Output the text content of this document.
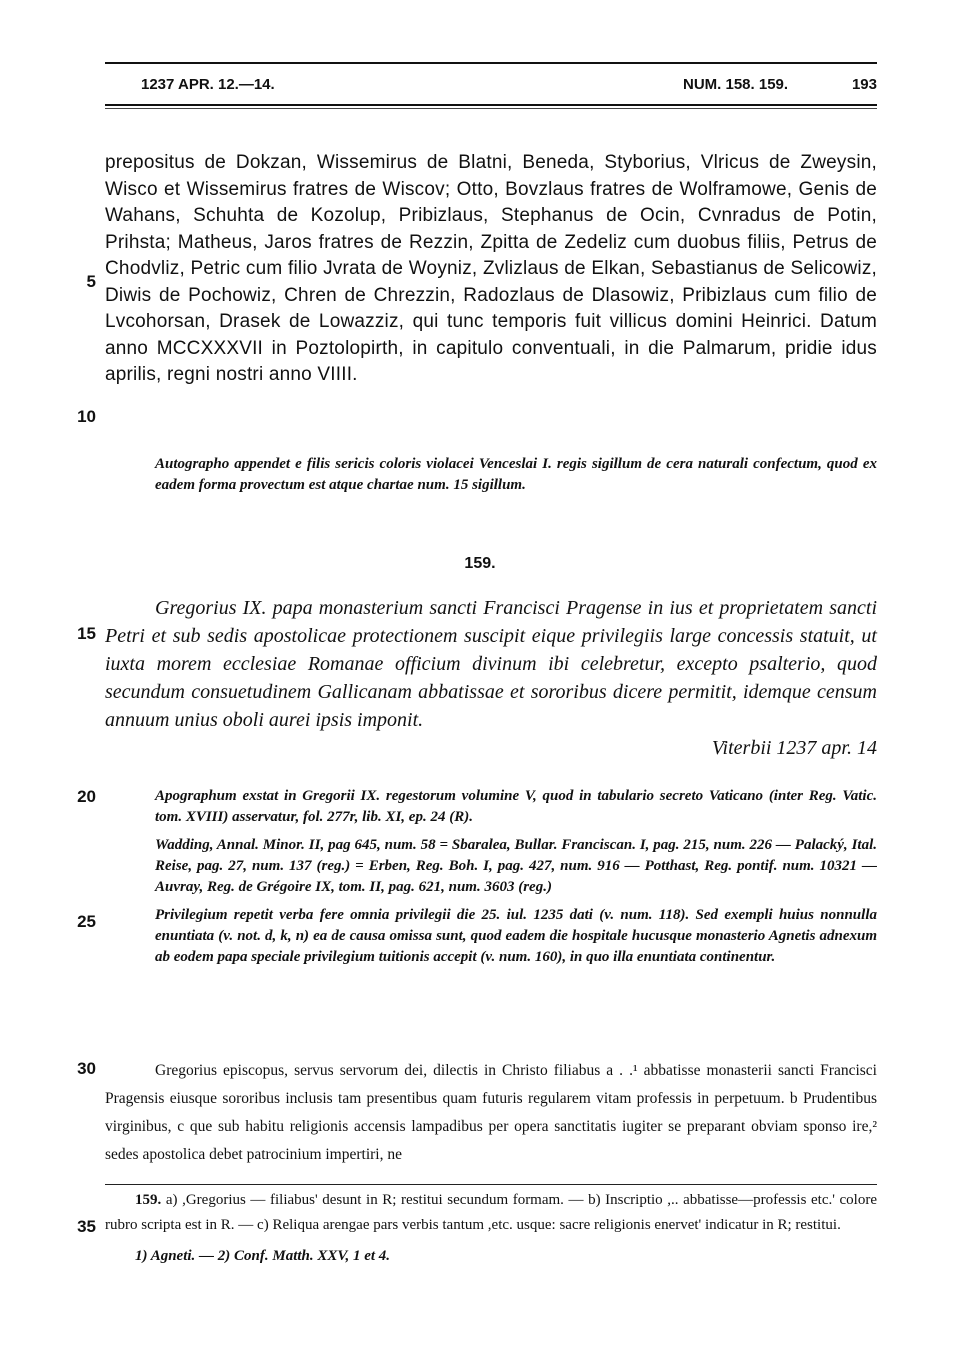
1237 APR. 12.—14.	NUM. 158. 159.	193
5
10
15
20
25
30
35
prepositus de Dokzan, Wissemirus de Blatni, Beneda, Styborius, Vlricus de Zweysin, Wisco et Wissemirus fratres de Wiscov; Otto, Bovzlaus fratres de Wolframowe, Genis de Wahans, Schuhta de Kozolup, Pribizlaus, Stephanus de Ocin, Cvnradus de Potin, Prihsta; Matheus, Jaros fratres de Rezzin, Zpitta de Zedeliz cum duobus filiis, Petrus de Chodvliz, Petric cum filio Jvrata de Woyniz, Zvlizlaus de Elkan, Sebastianus de Selicowiz, Diwis de Pochowiz, Chren de Chrezzin, Radozlaus de Dlasowiz, Pribizlaus cum filio de Lvcohorsan, Drasek de Lowazziz, qui tunc temporis fuit villicus domini Heinrici. Datum anno MCCXXXVII in Poztolopirth, in capitulo conventuali, in die Palmarum, pridie idus aprilis, regni nostri anno VIIII.
Autographo appendet e filis sericis coloris violacei Venceslai I. regis sigillum de cera naturali confectum, quod ex eadem forma provectum est atque chartae num. 15 sigillum.
159.

Gregorius IX. papa monasterium sancti Francisci Pragense in ius et proprietatem sancti Petri et sub sedis apostolicae protectionem suscipit eique privilegiis large concessis statuit, ut iuxta morem ecclesiae Romanae officium divinum ibi celebretur, excepto psalterio, quod secundum consuetudinem Gallicanam abbatissae et sororibus dicere permitit, idemque censum annuum unius oboli aurei ipsis imponit.

Viterbii 1237 apr. 14

Apographum exstat in Gregorii IX. regestorum volumine V, quod in tabulario secreto Vaticano (inter Reg. Vatic. tom. XVIII) asservatur, fol. 277r, lib. XI, ep. 24 (R).

Wadding, Annal. Minor. II, pag 645, num. 58 = Sbaralea, Bullar. Franciscan. I, pag. 215, num. 226 — Palacký, Ital. Reise, pag. 27, num. 137 (reg.) = Erben, Reg. Boh. I, pag. 427, num. 916 — Potthast, Reg. pontif. num. 10321 — Auvray, Reg. de Grégoire IX, tom. II, pag. 621, num. 3603 (reg.)

Privilegium repetit verba fere omnia privilegii die 25. iul. 1235 dati (v. num. 118). Sed exempli huius nonnulla enuntiata (v. not. d, k, n) ea de causa omissa sunt, quod eadem die hospitale hucusque monasterio Agnetis adnexum ab eodem papa speciale privilegium tuitionis accepit (v. num. 160), in quo illa enuntiata continentur.

Gregorius episcopus, servus servorum dei, dilectis in Christo filiabus a . .¹ abbatisse monasterii sancti Francisci Pragensis eiusque sororibus inclusis tam presentibus quam futuris regularem vitam professis in perpetuum. b Prudentibus virginibus, c que sub habitu religionis accensis lampadibus per opera sanctitatis iugiter se preparant obviam sponso ire,² sedes apostolica debet patrocinium impertiri, ne

159. a) ,Gregorius — filiabus' desunt in R; restitui secundum formam. — b) Inscriptio ,.. abbatisse—professis etc.' colore rubro scripta est in R. — c) Reliqua arengae pars verbis tantum ,etc. usque: sacre religionis enervet' indicatur in R; restitui.

1) Agneti. — 2) Conf. Matth. XXV, 1 et 4.
